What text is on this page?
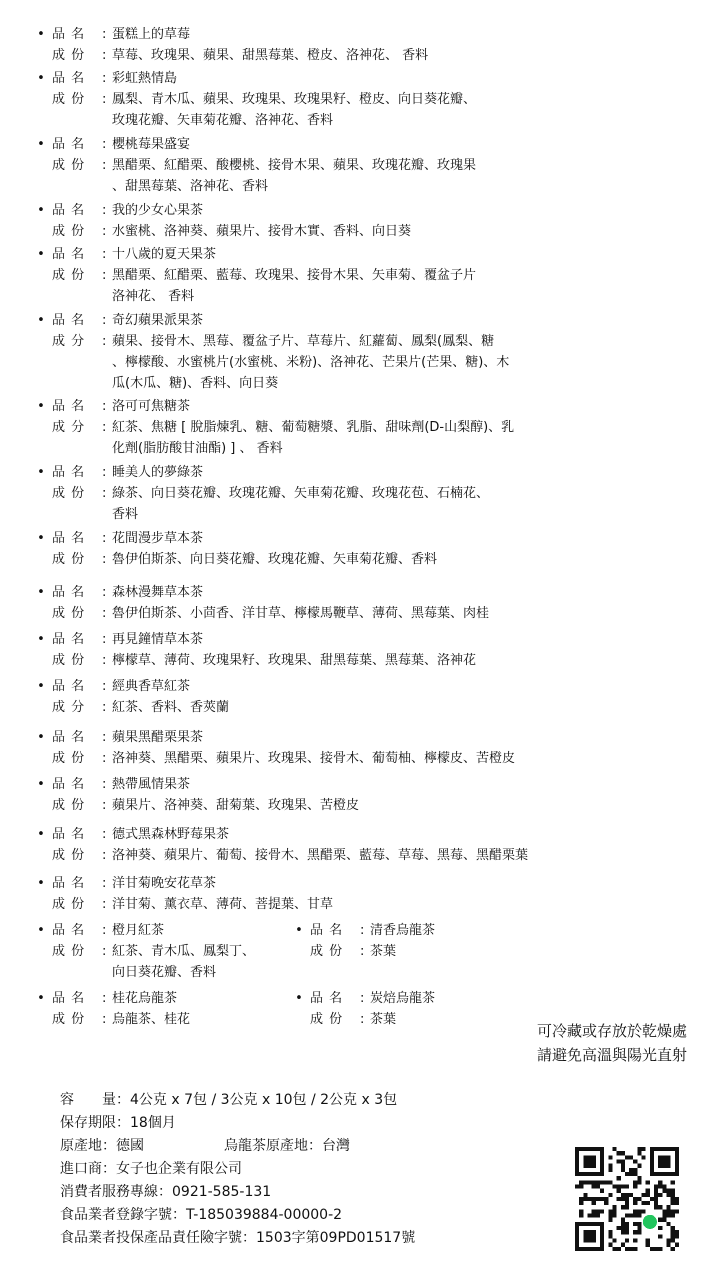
• 品 名	: 蛋糕上的草莓
成 份	: 草莓、玫瑰果、蘋果、甜黑莓葉、橙皮、洛神花、 香料
• 品 名	: 彩虹熱情島
成 份	: 鳳梨、青木瓜、蘋果、玫瑰果、玫瑰果籽、橙皮、向日葵花瓣、
玫瑰花瓣、矢車菊花瓣、洛神花、香料
• 品 名	: 櫻桃莓果盛宴
成 份	: 黑醋栗、紅醋栗、酸櫻桃、接骨木果、蘋果、玫瑰花瓣、玫瑰果
、甜黑莓葉、洛神花、香料
• 品 名	: 我的少女心果茶
成 份	: 水蜜桃、洛神葵、蘋果片、接骨木實、香料、向日葵
• 品 名	: 十八歲的夏天果茶
成 份	: 黑醋栗、紅醋栗、藍莓、玫瑰果、接骨木果、矢車菊、覆盆子片
洛神花、 香料
• 品 名	: 奇幻蘋果派果茶
成 分	: 蘋果、接骨木、黑莓、覆盆子片、草莓片、紅蘿蔔、鳳梨(鳳梨、糖
、檸檬酸、水蜜桃片(水蜜桃、米粉)、洛神花、芒果片(芒果、糖)、木
瓜(木瓜、糖)、香料、向日葵
• 品 名	: 洛可可焦糖茶
成 分	: 紅茶、焦糖 [ 脫脂煉乳、糖、葡萄糖漿、乳脂、甜味劑(D-山梨醇)、乳
化劑(脂肪酸甘油酯) ] 、 香料
• 品 名	: 睡美人的夢綠茶
成 份	: 綠茶、向日葵花瓣、玫瑰花瓣、矢車菊花瓣、玫瑰花苞、石楠花、
香料
• 品 名	: 花間漫步草本茶
成 份	: 魯伊伯斯茶、向日葵花瓣、玫瑰花瓣、矢車菊花瓣、香料
• 品 名	: 森林漫舞草本茶
成 份	: 魯伊伯斯茶、小茴香、洋甘草、檸檬馬鞭草、薄荷、黑莓葉、肉桂
• 品 名	: 再見鐘情草本茶
成 份	: 檸檬草、薄荷、玫瑰果籽、玫瑰果、甜黑莓葉、黑莓葉、洛神花
• 品 名	: 經典香草紅茶
成 分	: 紅茶、香料、香莢蘭
• 品 名	: 蘋果黑醋栗果茶
成 份	: 洛神葵、黑醋栗、蘋果片、玫瑰果、接骨木、葡萄柚、檸檬皮、苦橙皮
• 品 名	: 熱帶風情果茶
成 份	: 蘋果片、洛神葵、甜菊葉、玫瑰果、苦橙皮
• 品 名	: 德式黑森林野莓果茶
成 份	: 洛神葵、蘋果片、葡萄、接骨木、黑醋栗、藍莓、草莓、黑莓、黑醋栗葉
• 品 名	: 洋甘菊晚安花草茶
成 份	: 洋甘菊、薰衣草、薄荷、菩提葉、甘草
• 品 名	: 橙月紅茶
成 份	: 紅茶、青木瓜、鳳梨丁、
向日葵花瓣、香料
• 品 名	: 清香烏龍茶
成 份	: 茶葉
• 品 名	: 桂花烏龍茶
成 份	: 烏龍茶、桂花
• 品 名	: 炭焙烏龍茶
成 份	: 茶葉
可冷藏或存放於乾燥處
請避免高溫與陽光直射
容　　量：4公克 x 7包 / 3公克 x 10包 / 2公克 x 3包
保存期限：18個月
原產地：德國	烏龍茶原產地：台灣
進口商：女子也企業有限公司
消費者服務專線：0921-585-131
食品業者登錄字號：T-185039884-00000-2
食品業者投保產品責任險字號：1503字第09PD01517號
